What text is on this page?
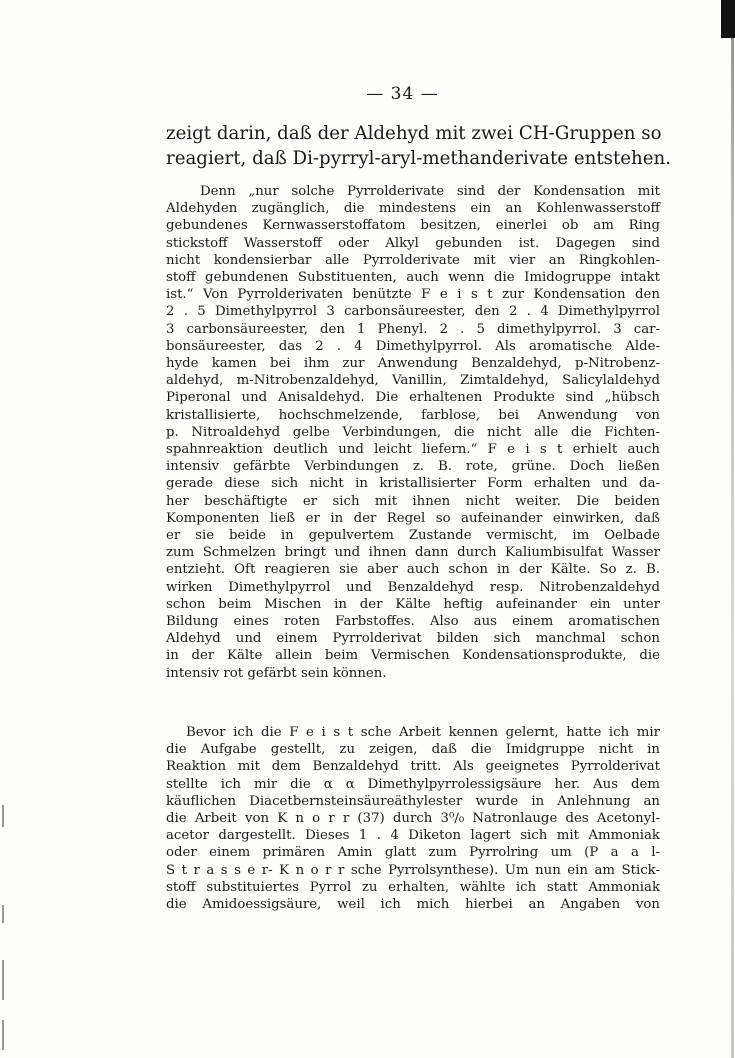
— 34 —
zeigt darin, daß der Aldehyd mit zwei CH-Gruppen so
reagiert, daß Di-pyrryl-aryl-methanderivate entstehen.
Denn „nur solche Pyrrolderivate sind der Kondensation mit
Aldehyden zugänglich, die mindestens ein an Kohlenwasserstoff
gebundenes Kernwasserstoffatom besitzen, einerlei ob am Ring
stickstoff Wasserstoff oder Alkyl gebunden ist. Dagegen sind
nicht kondensierbar alle Pyrrolderivate mit vier an Ringkohlen-
stoff gebundenen Substituenten, auch wenn die Imidogruppe intakt
ist.“ Von Pyrrolderivaten benützte F e i s t zur Kondensation den
2 . 5 Dimethylpyrrol 3 carbonsäureester, den 2 . 4 Dimethylpyrrol
3 carbonsäureester, den 1 Phenyl. 2 . 5 dimethylpyrrol. 3 car-
bonsäureester, das 2 . 4 Dimethylpyrrol. Als aromatische Alde-
hyde kamen bei ihm zur Anwendung Benzaldehyd, p-Nitrobenz-
aldehyd, m-Nitrobenzaldehyd, Vanillin, Zimtaldehyd, Salicylaldehyd
Piperonal und Anisaldehyd. Die erhaltenen Produkte sind „hübsch
kristallisierte, hochschmelzende, farblose, bei Anwendung von
p. Nitroaldehyd gelbe Verbindungen, die nicht alle die Fichten-
spahnreaktion deutlich und leicht liefern.“ F e i s t erhielt auch
intensiv gefärbte Verbindungen z. B. rote, grüne. Doch ließen
gerade diese sich nicht in kristallisierter Form erhalten und da-
her beschäftigte er sich mit ihnen nicht weiter. Die beiden
Komponenten ließ er in der Regel so aufeinander einwirken, daß
er sie beide in gepulvertem Zustande vermischt, im Oelbade
zum Schmelzen bringt und ihnen dann durch Kaliumbisulfat Wasser
entzieht. Oft reagieren sie aber auch schon in der Kälte. So z. B.
wirken Dimethylpyrrol und Benzaldehyd resp. Nitrobenzaldehyd
schon beim Mischen in der Kälte heftig aufeinander ein unter
Bildung eines roten Farbstoffes. Also aus einem aromatischen
Aldehyd und einem Pyrrolderivat bilden sich manchmal schon
in der Kälte allein beim Vermischen Kondensationsprodukte, die
intensiv rot gefärbt sein können.
Bevor ich die F e i s t sche Arbeit kennen gelernt, hatte ich mir
die Aufgabe gestellt, zu zeigen, daß die Imidgruppe nicht in
Reaktion mit dem Benzaldehyd tritt. Als geeignetes Pyrrolderivat
stellte ich mir die α α Dimethylpyrrolessigsäure her. Aus dem
käuflichen Diacetbernsteinsäureäthylester wurde in Anlehnung an
die Arbeit von K n o r r (37) durch 3⁰/₀ Natronlauge des Acetonyl-
acetor dargestellt. Dieses 1 . 4 Diketon lagert sich mit Ammoniak
oder einem primären Amin glatt zum Pyrrolring um (P a a l-
S t r a s s e r- K n o r r sche Pyrrolsynthese). Um nun ein am Stick-
stoff substituiertes Pyrrol zu erhalten, wählte ich statt Ammoniak
die Amidoessigsäure, weil ich mich hierbei an Angaben von
